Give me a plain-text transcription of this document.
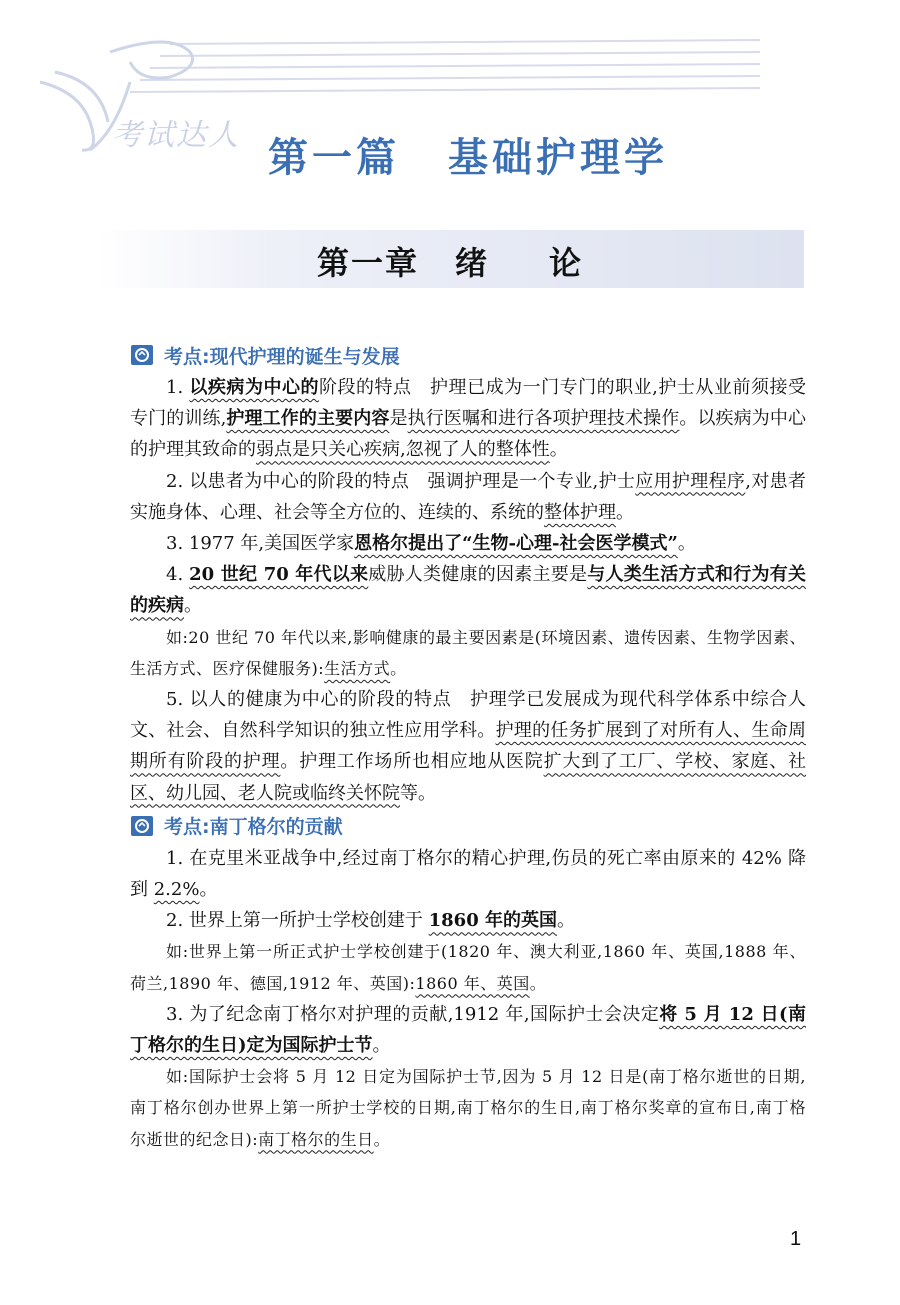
考试达人 第一篇 基础护理学
第一章 绪 论
考点:现代护理的诞生与发展

1. 以疾病为中心的阶段的特点　护理已成为一门专门的职业,护士从业前须接受专门的训练,护理工作的主要内容是执行医嘱和进行各项护理技术操作。以疾病为中心的护理其致命的弱点是只关心疾病,忽视了人的整体性。

2. 以患者为中心的阶段的特点　强调护理是一个专业,护士应用护理程序,对患者实施身体、心理、社会等全方位的、连续的、系统的整体护理。

3. 1977 年,美国医学家恩格尔提出了“生物-心理-社会医学模式”。

4. 20 世纪 70 年代以来威胁人类健康的因素主要是与人类生活方式和行为有关的疾病。

如:20 世纪 70 年代以来,影响健康的最主要因素是(环境因素、遗传因素、生物学因素、生活方式、医疗保健服务):生活方式。

5. 以人的健康为中心的阶段的特点　护理学已发展成为现代科学体系中综合人文、社会、自然科学知识的独立性应用学科。护理的任务扩展到了对所有人、生命周期所有阶段的护理。护理工作场所也相应地从医院扩大到了工厂、学校、家庭、社区、幼儿园、老人院或临终关怀院等。

考点:南丁格尔的贡献

1. 在克里米亚战争中,经过南丁格尔的精心护理,伤员的死亡率由原来的 42% 降到 2.2%。

2. 世界上第一所护士学校创建于 1860 年的英国。

如:世界上第一所正式护士学校创建于(1820 年、澳大利亚,1860 年、英国,1888 年、荷兰,1890 年、德国,1912 年、英国):1860 年、英国。

3. 为了纪念南丁格尔对护理的贡献,1912 年,国际护士会决定将 5 月 12 日(南丁格尔的生日)定为国际护士节。

如:国际护士会将 5 月 12 日定为国际护士节,因为 5 月 12 日是(南丁格尔逝世的日期,南丁格尔创办世界上第一所护士学校的日期,南丁格尔的生日,南丁格尔奖章的宣布日,南丁格尔逝世的纪念日):南丁格尔的生日。

1
